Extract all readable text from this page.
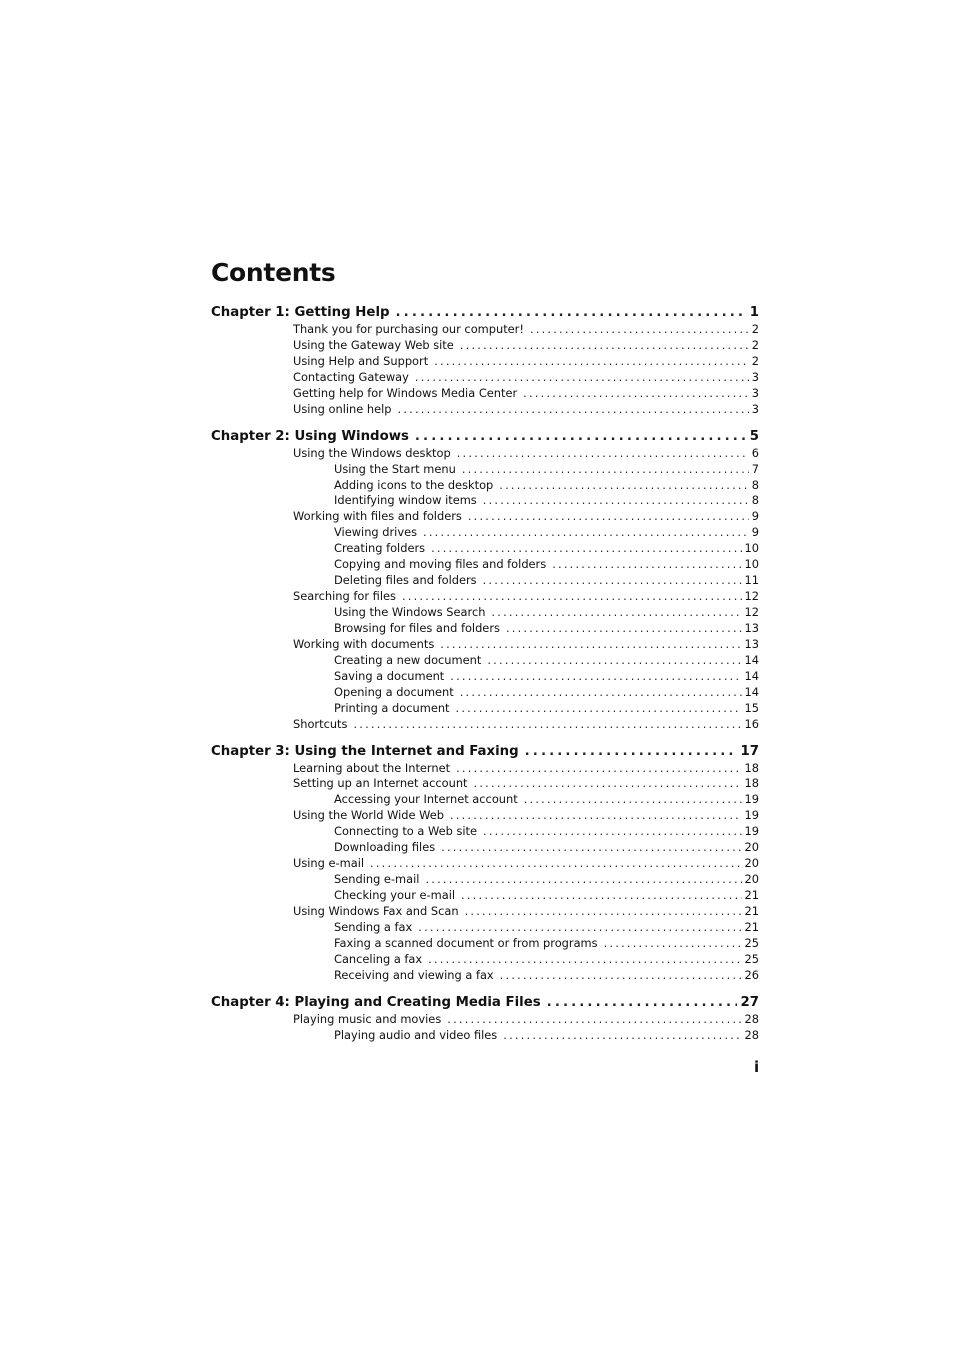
Contents
Chapter 1: Getting Help .....	1
Thank you for purchasing our computer! .....	2
Using the Gateway Web site .....	2
Using Help and Support .....	2
Contacting Gateway .....	3
Getting help for Windows Media Center .....	3
Using online help .....	3
Chapter 2: Using Windows .....	5
Using the Windows desktop .....	6
Using the Start menu .....	7
Adding icons to the desktop .....	8
Identifying window items .....	8
Working with files and folders .....	9
Viewing drives .....	9
Creating folders .....	10
Copying and moving files and folders .....	10
Deleting files and folders .....	11
Searching for files .....	12
Using the Windows Search .....	12
Browsing for files and folders .....	13
Working with documents .....	13
Creating a new document .....	14
Saving a document .....	14
Opening a document .....	14
Printing a document .....	15
Shortcuts .....	16
Chapter 3: Using the Internet and Faxing .....	17
Learning about the Internet .....	18
Setting up an Internet account .....	18
Accessing your Internet account .....	19
Using the World Wide Web .....	19
Connecting to a Web site .....	19
Downloading files .....	20
Using e-mail .....	20
Sending e-mail .....	20
Checking your e-mail .....	21
Using Windows Fax and Scan .....	21
Sending a fax .....	21
Faxing a scanned document or from programs .....	25
Canceling a fax .....	25
Receiving and viewing a fax .....	26
Chapter 4: Playing and Creating Media Files .....	27
Playing music and movies .....	28
Playing audio and video files .....	28
i
